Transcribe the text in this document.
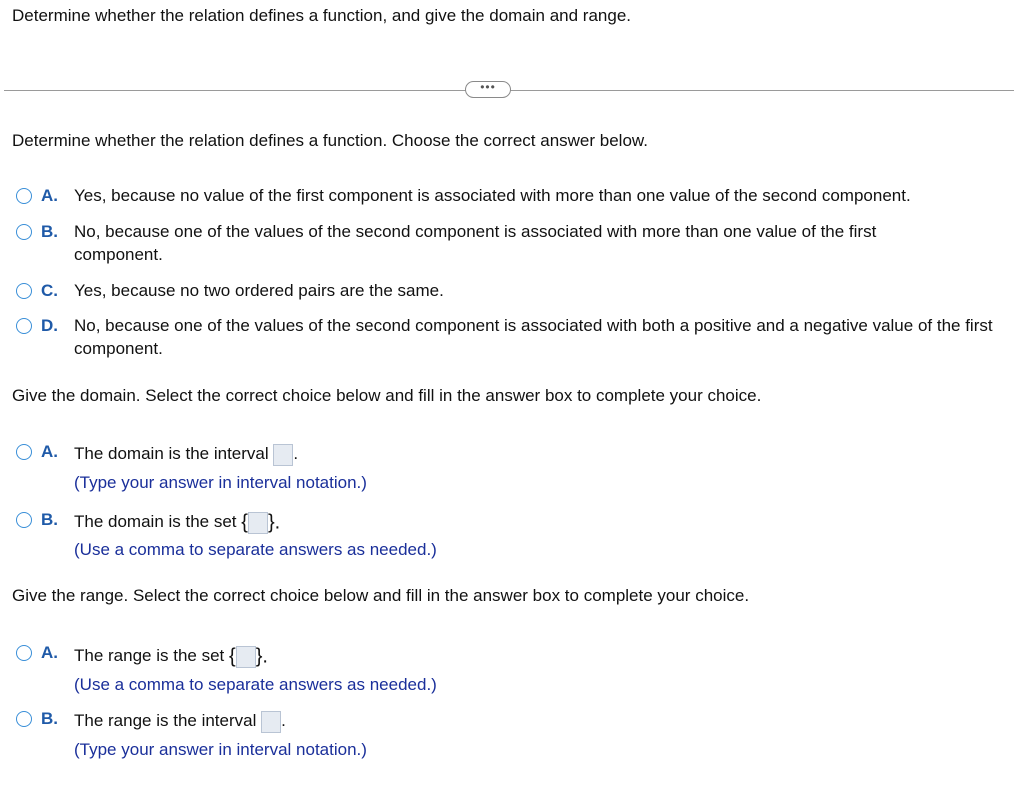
Determine whether the relation defines a function, and give the domain and range.
•••
Determine whether the relation defines a function. Choose the correct answer below.
A. Yes, because no value of the first component is associated with more than one value of the second component.
B. No, because one of the values of the second component is associated with more than one value of the first component.
C. Yes, because no two ordered pairs are the same.
D. No, because one of the values of the second component is associated with both a positive and a negative value of the first component.
Give the domain. Select the correct choice below and fill in the answer box to complete your choice.
A. The domain is the interval .
(Type your answer in interval notation.)
B. The domain is the set { }.
(Use a comma to separate answers as needed.)
Give the range. Select the correct choice below and fill in the answer box to complete your choice.
A. The range is the set { }.
(Use a comma to separate answers as needed.)
B. The range is the interval .
(Type your answer in interval notation.)
